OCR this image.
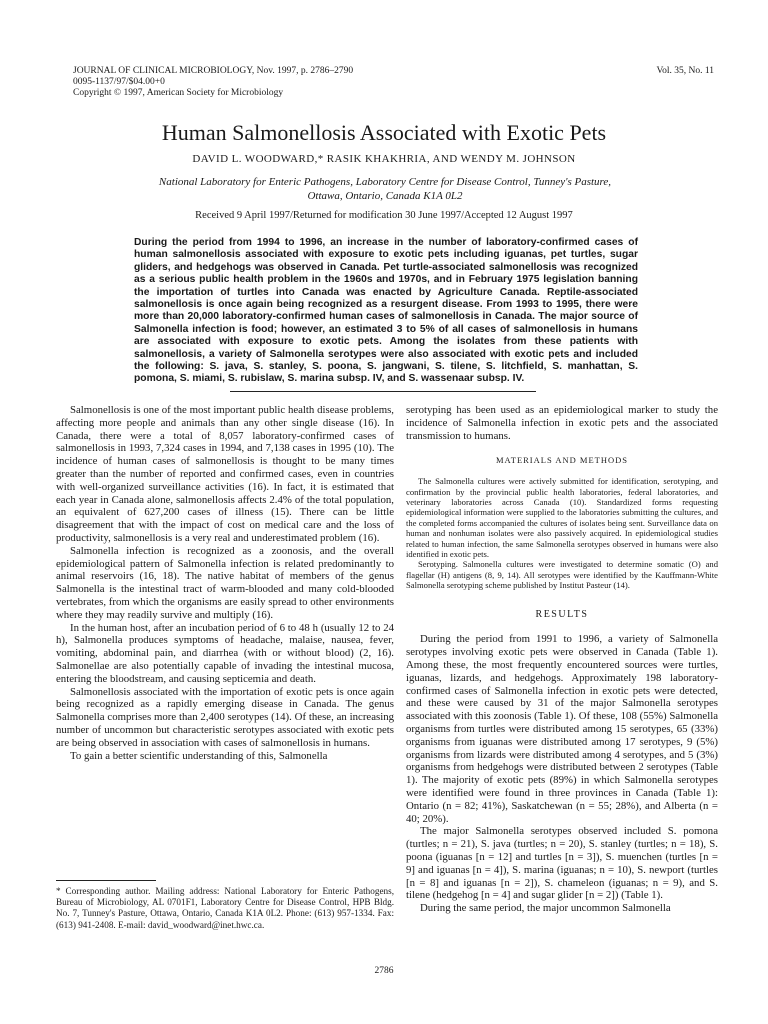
JOURNAL OF CLINICAL MICROBIOLOGY, Nov. 1997, p. 2786–2790
0095-1137/97/$04.00+0
Copyright © 1997, American Society for Microbiology
Vol. 35, No. 11
Human Salmonellosis Associated with Exotic Pets
DAVID L. WOODWARD,* RASIK KHAKHRIA, AND WENDY M. JOHNSON
National Laboratory for Enteric Pathogens, Laboratory Centre for Disease Control, Tunney's Pasture,
Ottawa, Ontario, Canada K1A 0L2
Received 9 April 1997/Returned for modification 30 June 1997/Accepted 12 August 1997
During the period from 1994 to 1996, an increase in the number of laboratory-confirmed cases of human salmonellosis associated with exposure to exotic pets including iguanas, pet turtles, sugar gliders, and hedgehogs was observed in Canada. Pet turtle-associated salmonellosis was recognized as a serious public health problem in the 1960s and 1970s, and in February 1975 legislation banning the importation of turtles into Canada was enacted by Agriculture Canada. Reptile-associated salmonellosis is once again being recognized as a resurgent disease. From 1993 to 1995, there were more than 20,000 laboratory-confirmed human cases of salmonellosis in Canada. The major source of Salmonella infection is food; however, an estimated 3 to 5% of all cases of salmonellosis in humans are associated with exposure to exotic pets. Among the isolates from these patients with salmonellosis, a variety of Salmonella serotypes were also associated with exotic pets and included the following: S. java, S. stanley, S. poona, S. jangwani, S. tilene, S. litchfield, S. manhattan, S. pomona, S. miami, S. rubislaw, S. marina subsp. IV, and S. wassenaar subsp. IV.

Salmonellosis is one of the most important public health disease problems, affecting more people and animals than any other single disease (16). In Canada, there were a total of 8,057 laboratory-confirmed cases of salmonellosis in 1993, 7,324 cases in 1994, and 7,138 cases in 1995 (10). The incidence of human cases of salmonellosis is thought to be many times greater than the number of reported and confirmed cases, even in countries with well-organized surveillance activities (16). In fact, it is estimated that each year in Canada alone, salmonellosis affects 2.4% of the total population, an equivalent of 627,200 cases of illness (15). There can be little disagreement that with the impact of cost on medical care and the loss of productivity, salmonellosis is a very real and underestimated problem (16).

Salmonella infection is recognized as a zoonosis, and the overall epidemiological pattern of Salmonella infection is related predominantly to animal reservoirs (16, 18). The native habitat of members of the genus Salmonella is the intestinal tract of warm-blooded and many cold-blooded vertebrates, from which the organisms are easily spread to other environments where they may readily survive and multiply (16).

In the human host, after an incubation period of 6 to 48 h (usually 12 to 24 h), Salmonella produces symptoms of headache, malaise, nausea, fever, vomiting, abdominal pain, and diarrhea (with or without blood) (2, 16). Salmonellae are also potentially capable of invading the intestinal mucosa, entering the bloodstream, and causing septicemia and death.

Salmonellosis associated with the importation of exotic pets is once again being recognized as a rapidly emerging disease in Canada. The genus Salmonella comprises more than 2,400 serotypes (14). Of these, an increasing number of uncommon but characteristic serotypes associated with exotic pets are being observed in association with cases of salmonellosis in humans.

To gain a better scientific understanding of this, Salmonella

serotyping has been used as an epidemiological marker to study the incidence of Salmonella infection in exotic pets and the associated transmission to humans.

MATERIALS AND METHODS

The Salmonella cultures were actively submitted for identification, serotyping, and confirmation by the provincial public health laboratories, federal laboratories, and veterinary laboratories across Canada (10). Standardized forms requesting epidemiological information were supplied to the laboratories submitting the cultures, and the completed forms accompanied the cultures of isolates being sent. Surveillance data on human and nonhuman isolates were also passively acquired. In epidemiological studies related to human infection, the same Salmonella serotypes observed in humans were also identified in exotic pets.

Serotyping. Salmonella cultures were investigated to determine somatic (O) and flagellar (H) antigens (8, 9, 14). All serotypes were identified by the Kauffmann-White Salmonella serotyping scheme published by Institut Pasteur (14).

RESULTS

During the period from 1991 to 1996, a variety of Salmonella serotypes involving exotic pets were observed in Canada (Table 1). Among these, the most frequently encountered sources were turtles, iguanas, lizards, and hedgehogs. Approximately 198 laboratory-confirmed cases of Salmonella infection in exotic pets were detected, and these were caused by 31 of the major Salmonella serotypes associated with this zoonosis (Table 1). Of these, 108 (55%) Salmonella organisms from turtles were distributed among 15 serotypes, 65 (33%) organisms from iguanas were distributed among 17 serotypes, 9 (5%) organisms from lizards were distributed among 4 serotypes, and 5 (3%) organisms from hedgehogs were distributed between 2 serotypes (Table 1). The majority of exotic pets (89%) in which Salmonella serotypes were identified were found in three provinces in Canada (Table 1): Ontario (n = 82; 41%), Saskatchewan (n = 55; 28%), and Alberta (n = 40; 20%).

The major Salmonella serotypes observed included S. pomona (turtles; n = 21), S. java (turtles; n = 20), S. stanley (turtles; n = 18), S. poona (iguanas [n = 12] and turtles [n = 3]), S. muenchen (turtles [n = 9] and iguanas [n = 4]), S. marina (iguanas; n = 10), S. newport (turtles [n = 8] and iguanas [n = 2]), S. chameleon (iguanas; n = 9), and S. tilene (hedgehog [n = 4] and sugar glider [n = 2]) (Table 1).

During the same period, the major uncommon Salmonella

* Corresponding author. Mailing address: National Laboratory for Enteric Pathogens, Bureau of Microbiology, AL 0701F1, Laboratory Centre for Disease Control, HPB Bldg. No. 7, Tunney's Pasture, Ottawa, Ontario, Canada K1A 0L2. Phone: (613) 957-1334. Fax: (613) 941-2408. E-mail: david_woodward@inet.hwc.ca.
2786
